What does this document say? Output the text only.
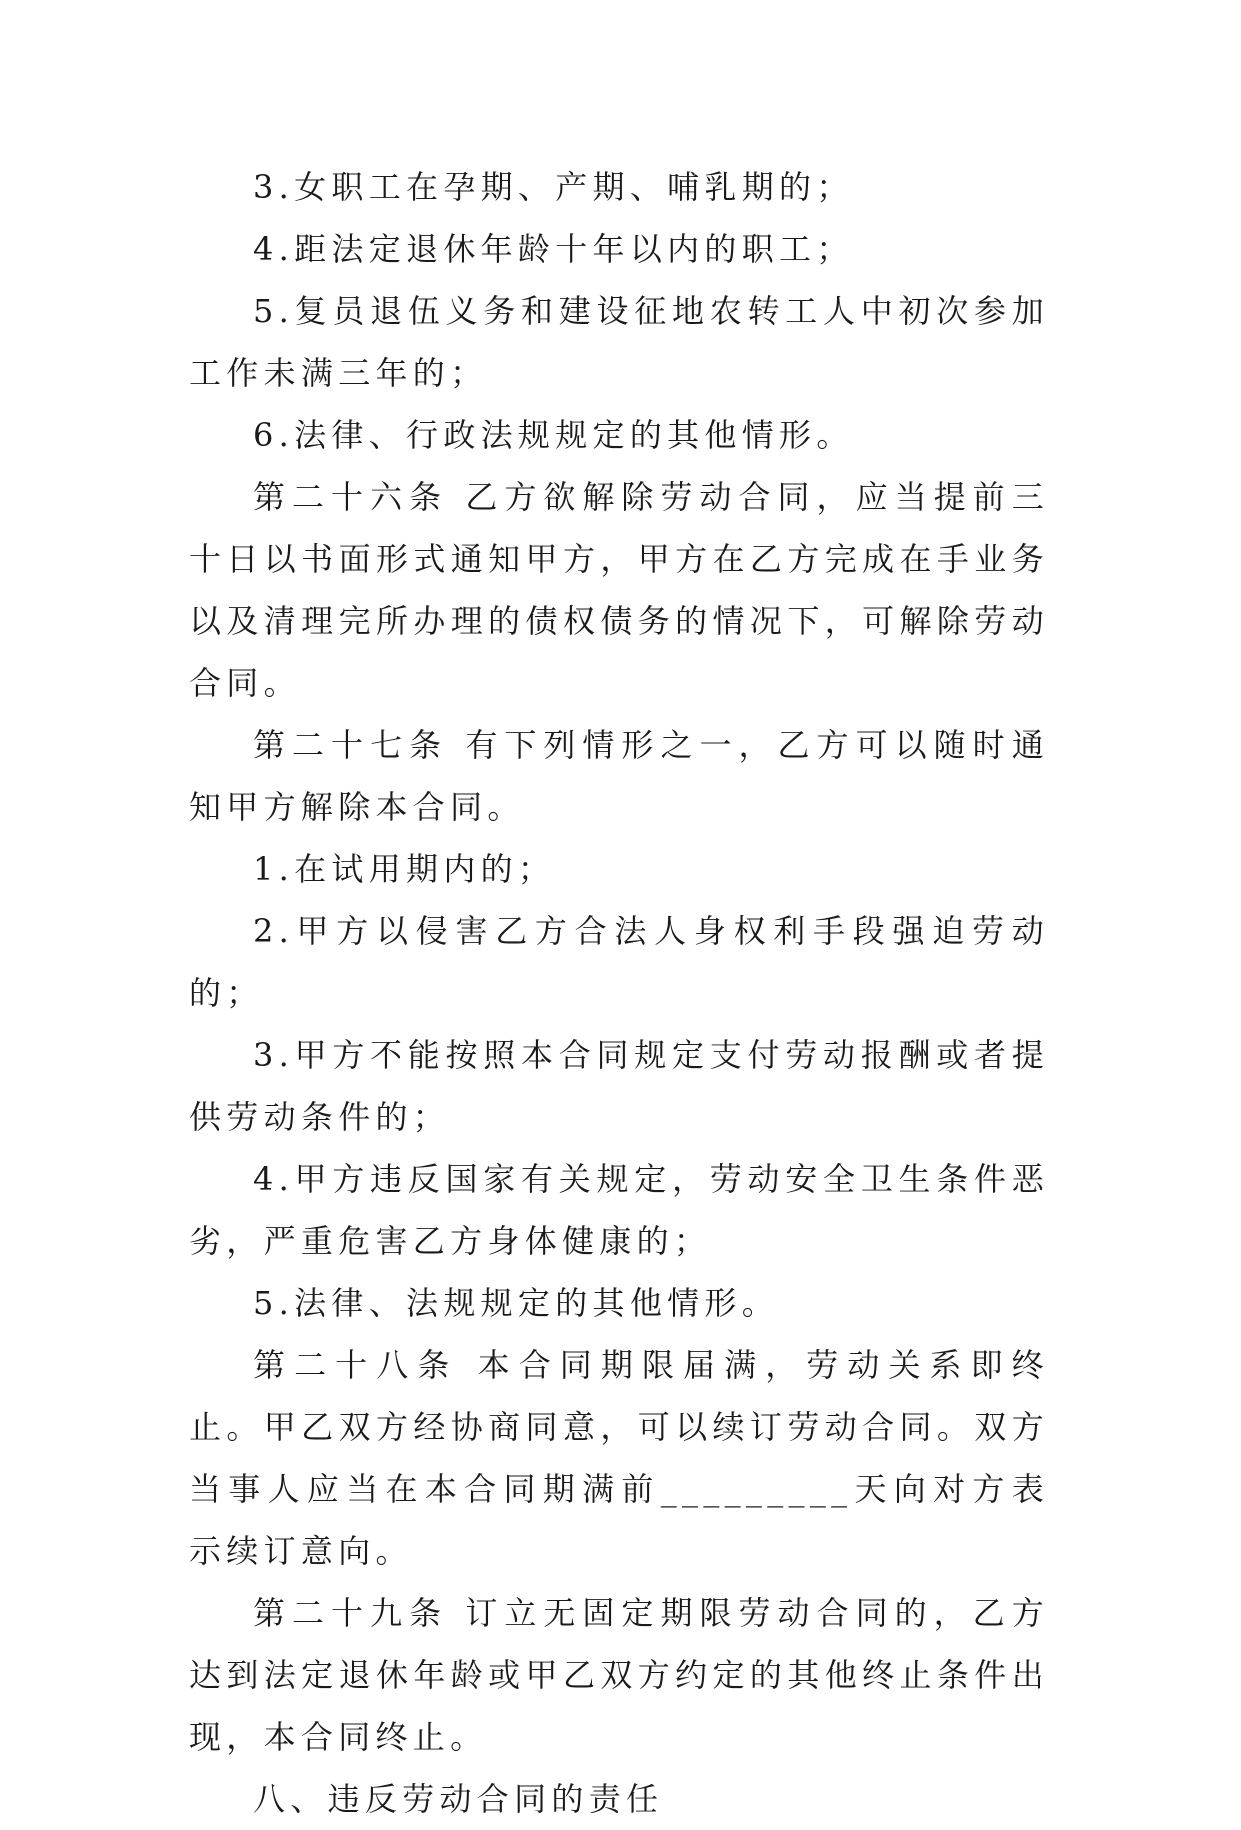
3.女职工在孕期、产期、哺乳期的；

4.距法定退休年龄十年以内的职工；

5.复员退伍义务和建设征地农转工人中初次参加工作未满三年的；

6.法律、行政法规规定的其他情形。

第二十六条 乙方欲解除劳动合同，应当提前三十日以书面形式通知甲方，甲方在乙方完成在手业务以及清理完所办理的债权债务的情况下，可解除劳动合同。

第二十七条 有下列情形之一，乙方可以随时通知甲方解除本合同。

1.在试用期内的；

2.甲方以侵害乙方合法人身权利手段强迫劳动的；

3.甲方不能按照本合同规定支付劳动报酬或者提供劳动条件的；

4.甲方违反国家有关规定，劳动安全卫生条件恶劣，严重危害乙方身体健康的；

5.法律、法规规定的其他情形。

第二十八条 本合同期限届满，劳动关系即终止。甲乙双方经协商同意，可以续订劳动合同。双方当事人应当在本合同期满前_________天向对方表示续订意向。

第二十九条 订立无固定期限劳动合同的，乙方达到法定退休年龄或甲乙双方约定的其他终止条件出现，本合同终止。

八、违反劳动合同的责任
